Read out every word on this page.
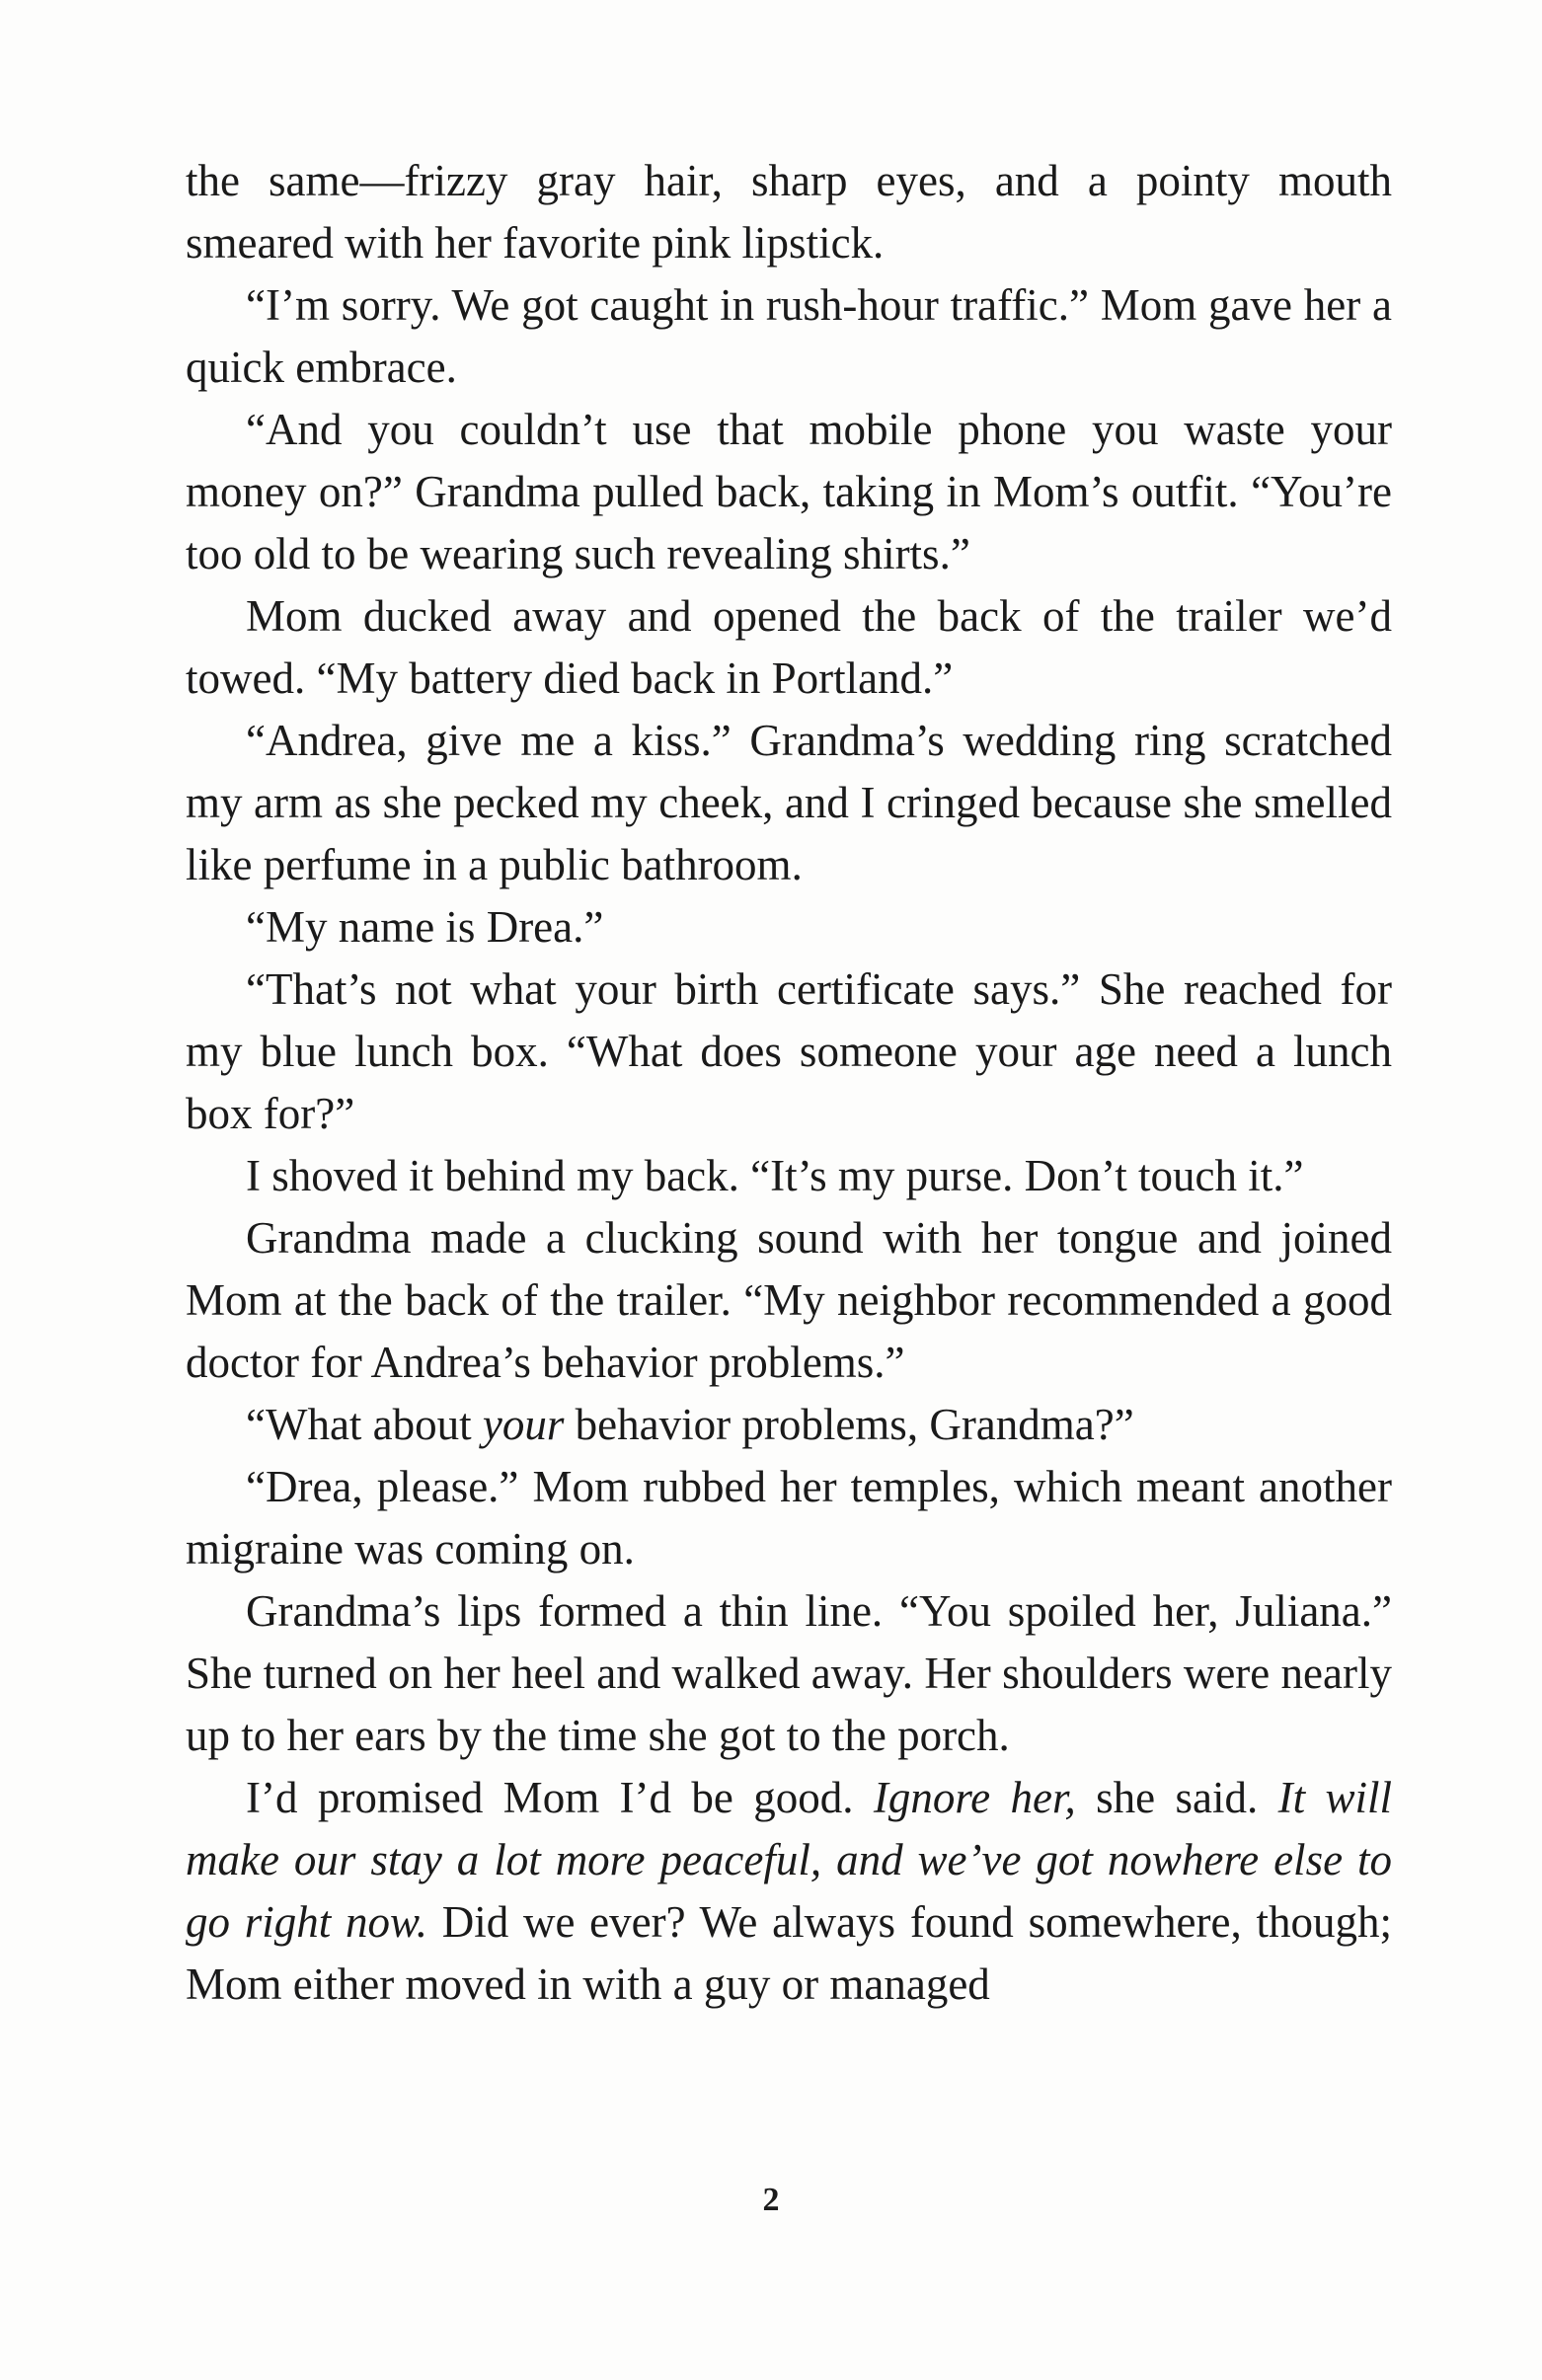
the same—frizzy gray hair, sharp eyes, and a pointy mouth smeared with her favorite pink lipstick.

“I’m sorry. We got caught in rush-hour traffic.” Mom gave her a quick embrace.

“And you couldn’t use that mobile phone you waste your money on?” Grandma pulled back, taking in Mom’s outfit. “You’re too old to be wearing such revealing shirts.”

Mom ducked away and opened the back of the trailer we’d towed. “My battery died back in Portland.”

“Andrea, give me a kiss.” Grandma’s wedding ring scratched my arm as she pecked my cheek, and I cringed because she smelled like perfume in a public bathroom.

“My name is Drea.”

“That’s not what your birth certificate says.” She reached for my blue lunch box. “What does someone your age need a lunch box for?”

I shoved it behind my back. “It’s my purse. Don’t touch it.”

Grandma made a clucking sound with her tongue and joined Mom at the back of the trailer. “My neighbor recommended a good doctor for Andrea’s behavior problems.”

“What about your behavior problems, Grandma?”

“Drea, please.” Mom rubbed her temples, which meant another migraine was coming on.

Grandma’s lips formed a thin line. “You spoiled her, Juliana.” She turned on her heel and walked away. Her shoulders were nearly up to her ears by the time she got to the porch.

I’d promised Mom I’d be good. Ignore her, she said. It will make our stay a lot more peaceful, and we’ve got nowhere else to go right now. Did we ever? We always found somewhere, though; Mom either moved in with a guy or managed

2
